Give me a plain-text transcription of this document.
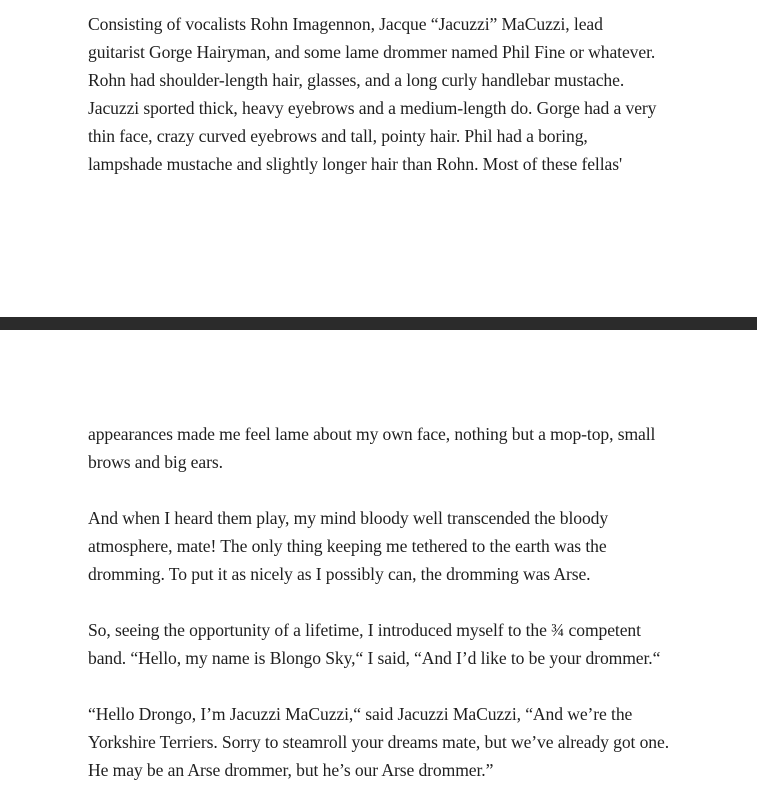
Consisting of vocalists Rohn Imagennon, Jacque “Jacuzzi” MaCuzzi, lead
guitarist Gorge Hairyman, and some lame drommer named Phil Fine or whatever.
Rohn had shoulder-length hair, glasses, and a long curly handlebar mustache.
Jacuzzi sported thick, heavy eyebrows and a medium-length do. Gorge had a very
thin face, crazy curved eyebrows and tall, pointy hair. Phil had a boring,
lampshade mustache and slightly longer hair than Rohn. Most of these fellas'

appearances made me feel lame about my own face, nothing but a mop-top, small
brows and big ears.

And when I heard them play, my mind bloody well transcended the bloody
atmosphere, mate! The only thing keeping me tethered to the earth was the
dromming. To put it as nicely as I possibly can, the dromming was Arse.

So, seeing the opportunity of a lifetime, I introduced myself to the ¾ competent
band. “Hello, my name is Blongo Sky,“ I said, “And I’d like to be your drommer.“

“Hello Drongo, I’m Jacuzzi MaCuzzi,“ said Jacuzzi MaCuzzi, “And we’re the
Yorkshire Terriers. Sorry to steamroll your dreams mate, but we’ve already got one.
He may be an Arse drommer, but he’s our Arse drommer.”
